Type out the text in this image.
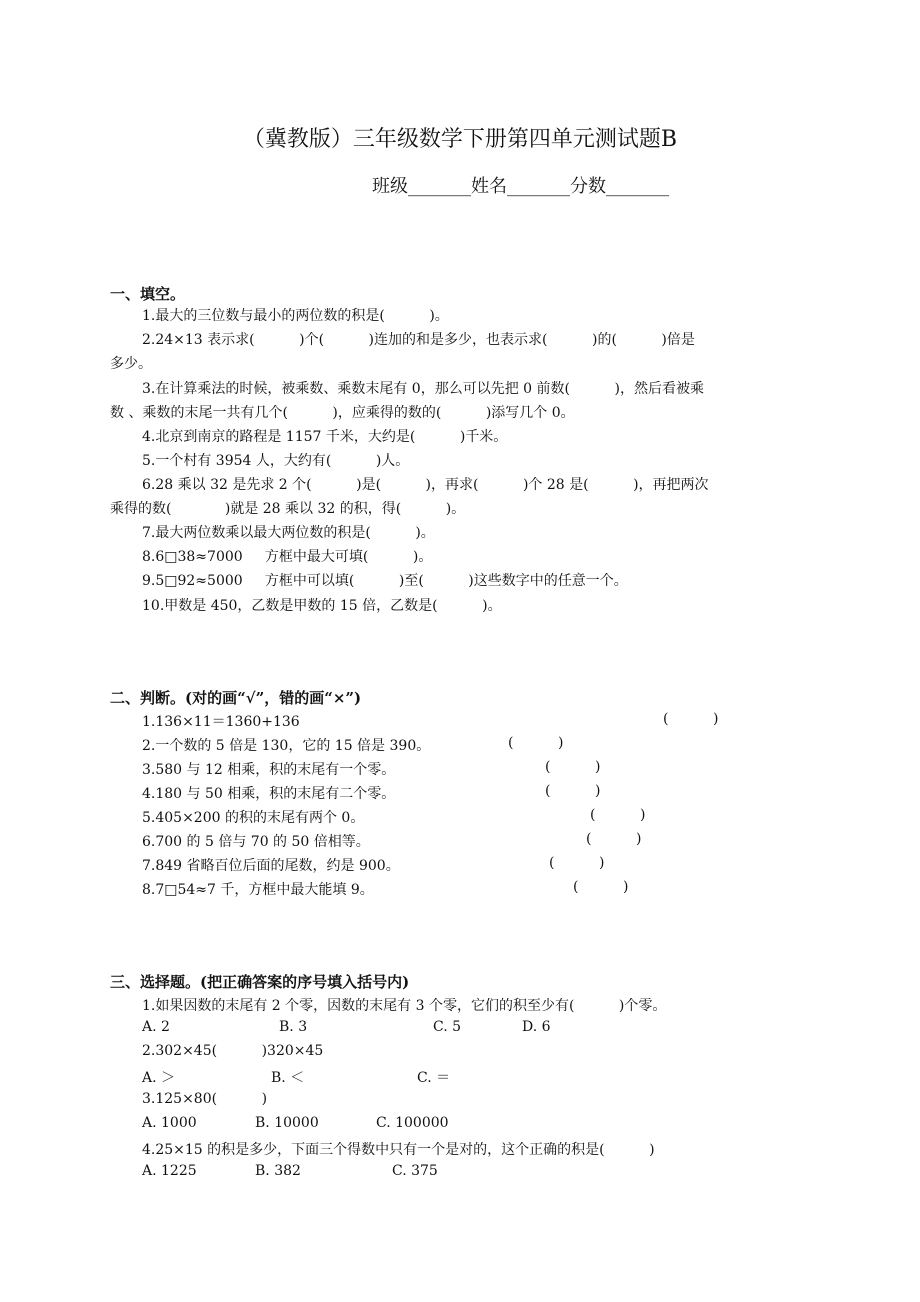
（冀教版）三年级数学下册第四单元测试题B
班级_______姓名_______分数_______
一、填空。
1.最大的三位数与最小的两位数的积是(          )。
2.24×13 表示求(          )个(          )连加的和是多少，也表示求(          )的(          )倍是
多少。
3.在计算乘法的时候，被乘数、乘数末尾有 0，那么可以先把 0 前数(          )，然后看被乘
数 、乘数的末尾一共有几个(          )，应乘得的数的(          )添写几个 0。
4.北京到南京的路程是 1157 千米，大约是(          )千米。
5.一个村有 3954 人，大约有(          )人。
6.28 乘以 32 是先求 2 个(          )是(          )，再求(          )个 28 是(          )，再把两次
乘得的数(            )就是 28 乘以 32 的积，得(          )。
7.最大两位数乘以最大两位数的积是(          )。
8.6□38≈7000     方框中最大可填(          )。
9.5□92≈5000     方框中可以填(          )至(          )这些数字中的任意一个。
10.甲数是 450，乙数是甲数的 15 倍，乙数是(          )。
二、判断。(对的画“√”，错的画“×”)
1.136×11＝1360+136	(          )
2.一个数的 5 倍是 130，它的 15 倍是 390。	(          )
3.580 与 12 相乘，积的末尾有一个零。	(          )
4.180 与 50 相乘，积的末尾有二个零。	(          )
5.405×200 的积的末尾有两个 0。	(          )
6.700 的 5 倍与 70 的 50 倍相等。	(          )
7.849 省略百位后面的尾数，约是 900。	(          )
8.7□54≈7 千，方框中最大能填 9。	(          )
三、选择题。(把正确答案的序号填入括号内)
1.如果因数的末尾有 2 个零，因数的末尾有 3 个零，它们的积至少有(          )个零。
A. 2	B. 3	C. 5	D. 6
2.302×45(          )320×45
A. ＞	B. ＜	C. ＝
3.125×80(          )
A. 1000	B. 10000	C. 100000
4.25×15 的积是多少，下面三个得数中只有一个是对的，这个正确的积是(          )
A. 1225	B. 382	C. 375
